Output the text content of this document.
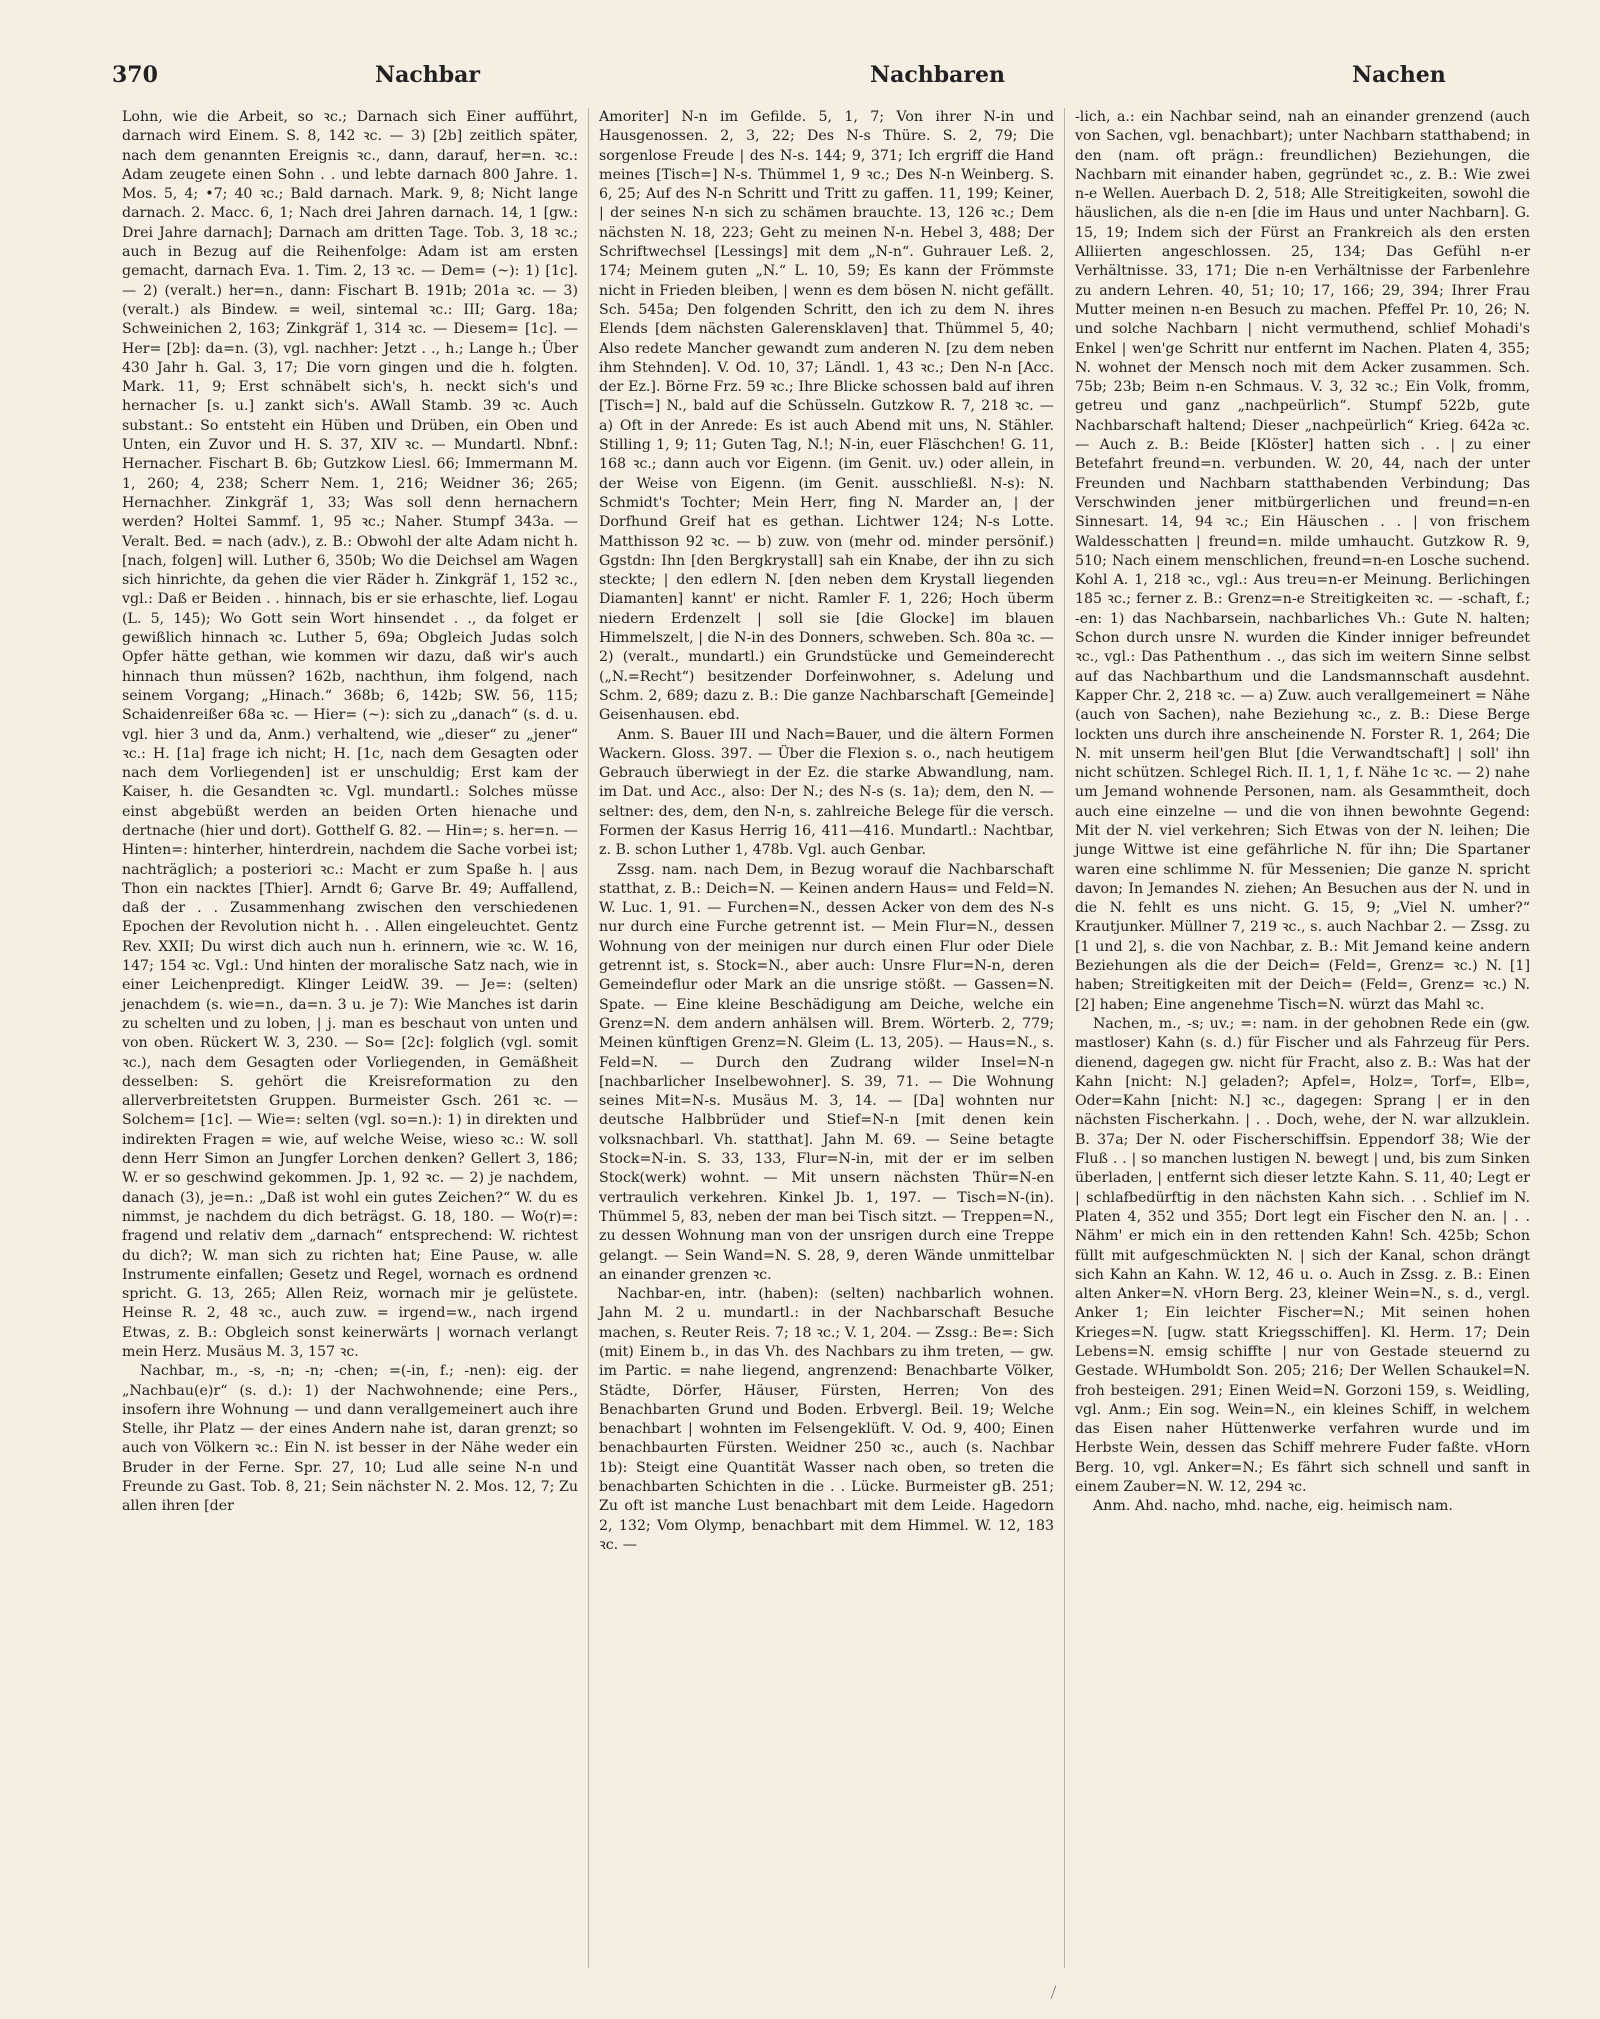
370	Nachbar	Nachbaren	Nachen

Lohn, wie die Arbeit, so ꝛc.; Darnach sich Einer aufführt, darnach wird Einem. S. 8, 142 ꝛc. — 3) [2b] zeitlich später, nach dem genannten Ereignis ꝛc., dann, darauf, her=n. ꝛc.: Adam zeugete einen Sohn . . und lebte darnach 800 Jahre. 1. Mos. 5, 4; •7; 40 ꝛc.; Bald darnach. Mark. 9, 8; Nicht lange darnach. 2. Macc. 6, 1; Nach drei Jahren darnach. 14, 1 [gw.: Drei Jahre darnach]; Darnach am dritten Tage. Tob. 3, 18 ꝛc.; auch in Bezug auf die Reihenfolge: Adam ist am ersten gemacht, darnach Eva. 1. Tim. 2, 13 ꝛc. — Dem= (~): 1) [1c]. — 2) (veralt.) her=n., dann: Fischart B. 191b; 201a ꝛc. — 3) (veralt.) als Bindew. = weil, sintemal ꝛc.: III; Garg. 18a; Schweinichen 2, 163; Zinkgräf 1, 314 ꝛc. — Diesem= [1c]. — Her= [2b]: da=n. (3), vgl. nachher: Jetzt . ., h.; Lange h.; Über 430 Jahr h. Gal. 3, 17; Die vorn gingen und die h. folgten. Mark. 11, 9; Erst schnäbelt sich's, h. neckt sich's und hernacher [s. u.] zankt sich's. AWall Stamb. 39 ꝛc. Auch substant.: So entsteht ein Hüben und Drüben, ein Oben und Unten, ein Zuvor und H. S. 37, XIV ꝛc. — Mundartl. Nbnf.: Hernacher. Fischart B. 6b; Gutzkow Liesl. 66; Immermann M. 1, 260; 4, 238; Scherr Nem. 1, 216; Weidner 36; 265; Hernachher. Zinkgräf 1, 33; Was soll denn hernachern werden? Holtei Sammf. 1, 95 ꝛc.; Naher. Stumpf 343a. — Veralt. Bed. = nach (adv.), z. B.: Obwohl der alte Adam nicht h. [nach, folgen] will. Luther 6, 350b; Wo die Deichsel am Wagen sich hinrichte, da gehen die vier Räder h. Zinkgräf 1, 152 ꝛc., vgl.: Daß er Beiden . . hinnach, bis er sie erhaschte, lief. Logau (L. 5, 145); Wo Gott sein Wort hinsendet . ., da folget er gewißlich hinnach ꝛc. Luther 5, 69a; Obgleich Judas solch Opfer hätte gethan, wie kommen wir dazu, daß wir's auch hinnach thun müssen? 162b, nachthun, ihm folgend, nach seinem Vorgang; „Hinach.“ 368b; 6, 142b; SW. 56, 115; Schaidenreißer 68a ꝛc. — Hier= (~): sich zu „danach“ (s. d. u. vgl. hier 3 und da, Anm.) verhaltend, wie „dieser“ zu „jener“ ꝛc.: H. [1a] frage ich nicht; H. [1c, nach dem Gesagten oder nach dem Vorliegenden] ist er unschuldig; Erst kam der Kaiser, h. die Gesandten ꝛc. Vgl. mundartl.: Solches müsse einst abgebüßt werden an beiden Orten hienache und dertnache (hier und dort). Gotthelf G. 82. — Hin=; s. her=n. — Hinten=: hinterher, hinterdrein, nachdem die Sache vorbei ist; nachträglich; a posteriori ꝛc.: Macht er zum Spaße h. | aus Thon ein nacktes [Thier]. Arndt 6; Garve Br. 49; Auffallend, daß der . . Zusammenhang zwischen den verschiedenen Epochen der Revolution nicht h. . . Allen eingeleuchtet. Gentz Rev. XXII; Du wirst dich auch nun h. erinnern, wie ꝛc. W. 16, 147; 154 ꝛc. Vgl.: Und hinten der moralische Satz nach, wie in einer Leichenpredigt. Klinger LeidW. 39. — Je=: (selten) jenachdem (s. wie=n., da=n. 3 u. je 7): Wie Manches ist darin zu schelten und zu loben, | j. man es beschaut von unten und von oben. Rückert W. 3, 230. — So= [2c]: folglich (vgl. somit ꝛc.), nach dem Gesagten oder Vorliegenden, in Gemäßheit desselben: S. gehört die Kreisreformation zu den allerverbreitetsten Gruppen. Burmeister Gsch. 261 ꝛc. — Solchem= [1c]. — Wie=: selten (vgl. so=n.): 1) in direkten und indirekten Fragen = wie, auf welche Weise, wieso ꝛc.: W. soll denn Herr Simon an Jungfer Lorchen denken? Gellert 3, 186; W. er so geschwind gekommen. Jp. 1, 92 ꝛc. — 2) je nachdem, danach (3), je=n.: „Daß ist wohl ein gutes Zeichen?“ W. du es nimmst, je nachdem du dich beträgst. G. 18, 180. — Wo(r)=: fragend und relativ dem „darnach“ entsprechend: W. richtest du dich?; W. man sich zu richten hat; Eine Pause, w. alle Instrumente einfallen; Gesetz und Regel, wornach es ordnend spricht. G. 13, 265; Allen Reiz, wornach mir je gelüstete. Heinse R. 2, 48 ꝛc., auch zuw. = irgend=w., nach irgend Etwas, z. B.: Obgleich sonst keinerwärts | wornach verlangt mein Herz. Musäus M. 3, 157 ꝛc.

Nachbar, m., -s, -n; -n; -chen; =(-in, f.; -nen): eig. der „Nachbau(e)r“ (s. d.): 1) der Nachwohnende; eine Pers., insofern ihre Wohnung — und dann verallgemeinert auch ihre Stelle, ihr Platz — der eines Andern nahe ist, daran grenzt; so auch von Völkern ꝛc.: Ein N. ist besser in der Nähe weder ein Bruder in der Ferne. Spr. 27, 10; Lud alle seine N-n und Freunde zu Gast. Tob. 8, 21; Sein nächster N. 2. Mos. 12, 7; Zu allen ihren [der

Amoriter] N-n im Gefilde. 5, 1, 7; Von ihrer N-in und Hausgenossen. 2, 3, 22; Des N-s Thüre. S. 2, 79; Die sorgenlose Freude | des N-s. 144; 9, 371; Ich ergriff die Hand meines [Tisch=] N-s. Thümmel 1, 9 ꝛc.; Des N-n Weinberg. S. 6, 25; Auf des N-n Schritt und Tritt zu gaffen. 11, 199; Keiner, | der seines N-n sich zu schämen brauchte. 13, 126 ꝛc.; Dem nächsten N. 18, 223; Geht zu meinen N-n. Hebel 3, 488; Der Schriftwechsel [Lessings] mit dem „N-n“. Guhrauer Leß. 2, 174; Meinem guten „N.“ L. 10, 59; Es kann der Frömmste nicht in Frieden bleiben, | wenn es dem bösen N. nicht gefällt. Sch. 545a; Den folgenden Schritt, den ich zu dem N. ihres Elends [dem nächsten Galerensklaven] that. Thümmel 5, 40; Also redete Mancher gewandt zum anderen N. [zu dem neben ihm Stehnden]. V. Od. 10, 37; Ländl. 1, 43 ꝛc.; Den N-n [Acc. der Ez.]. Börne Frz. 59 ꝛc.; Ihre Blicke schossen bald auf ihren [Tisch=] N., bald auf die Schüsseln. Gutzkow R. 7, 218 ꝛc. — a) Oft in der Anrede: Es ist auch Abend mit uns, N. Stähler. Stilling 1, 9; 11; Guten Tag, N.!; N-in, euer Fläschchen! G. 11, 168 ꝛc.; dann auch vor Eigenn. (im Genit. uv.) oder allein, in der Weise von Eigenn. (im Genit. ausschließl. N-s): N. Schmidt's Tochter; Mein Herr, fing N. Marder an, | der Dorfhund Greif hat es gethan. Lichtwer 124; N-s Lotte. Matthisson 92 ꝛc. — b) zuw. von (mehr od. minder persönif.) Ggstdn: Ihn [den Bergkrystall] sah ein Knabe, der ihn zu sich steckte; | den edlern N. [den neben dem Krystall liegenden Diamanten] kannt' er nicht. Ramler F. 1, 226; Hoch überm niedern Erdenzelt | soll sie [die Glocke] im blauen Himmelszelt, | die N-in des Donners, schweben. Sch. 80a ꝛc. — 2) (veralt., mundartl.) ein Grundstücke und Gemeinderecht („N.=Recht“) besitzender Dorfeinwohner, s. Adelung und Schm. 2, 689; dazu z. B.: Die ganze Nachbarschaft [Gemeinde] Geisenhausen. ebd.

Anm. S. Bauer III und Nach=Bauer, und die ältern Formen Wackern. Gloss. 397. — Über die Flexion s. o., nach heutigem Gebrauch überwiegt in der Ez. die starke Abwandlung, nam. im Dat. und Acc., also: Der N.; des N-s (s. 1a); dem, den N. — seltner: des, dem, den N-n, s. zahlreiche Belege für die versch. Formen der Kasus Herrig 16, 411—416. Mundartl.: Nachtbar, z. B. schon Luther 1, 478b. Vgl. auch Genbar.

Zssg. nam. nach Dem, in Bezug worauf die Nachbarschaft statthat, z. B.: Deich=N. — Keinen andern Haus= und Feld=N. W. Luc. 1, 91. — Furchen=N., dessen Acker von dem des N-s nur durch eine Furche getrennt ist. — Mein Flur=N., dessen Wohnung von der meinigen nur durch einen Flur oder Diele getrennt ist, s. Stock=N., aber auch: Unsre Flur=N-n, deren Gemeindeflur oder Mark an die unsrige stößt. — Gassen=N. Spate. — Eine kleine Beschädigung am Deiche, welche ein Grenz=N. dem andern anhälsen will. Brem. Wörterb. 2, 779; Meinen künftigen Grenz=N. Gleim (L. 13, 205). — Haus=N., s. Feld=N. — Durch den Zudrang wilder Insel=N-n [nachbarlicher Inselbewohner]. S. 39, 71. — Die Wohnung seines Mit=N-s. Musäus M. 3, 14. — [Da] wohnten nur deutsche Halbbrüder und Stief=N-n [mit denen kein volksnachbarl. Vh. statthat]. Jahn M. 69. — Seine betagte Stock=N-in. S. 33, 133, Flur=N-in, mit der er im selben Stock(werk) wohnt. — Mit unsern nächsten Thür=N-en vertraulich verkehren. Kinkel Jb. 1, 197. — Tisch=N-(in). Thümmel 5, 83, neben der man bei Tisch sitzt. — Treppen=N., zu dessen Wohnung man von der unsrigen durch eine Treppe gelangt. — Sein Wand=N. S. 28, 9, deren Wände unmittelbar an einander grenzen ꝛc.

Nachbar-en, intr. (haben): (selten) nachbarlich wohnen. Jahn M. 2 u. mundartl.: in der Nachbarschaft Besuche machen, s. Reuter Reis. 7; 18 ꝛc.; V. 1, 204. — Zssg.: Be=: Sich (mit) Einem b., in das Vh. des Nachbars zu ihm treten, — gw. im Partic. = nahe liegend, angrenzend: Benachbarte Völker, Städte, Dörfer, Häuser, Fürsten, Herren; Von des Benachbarten Grund und Boden. Erbvergl. Beil. 19; Welche benachbart | wohnten im Felsengeklüft. V. Od. 9, 400; Einen benachbaurten Fürsten. Weidner 250 ꝛc., auch (s. Nachbar 1b): Steigt eine Quantität Wasser nach oben, so treten die benachbarten Schichten in die . . Lücke. Burmeister gB. 251; Zu oft ist manche Lust benachbart mit dem Leide. Hagedorn 2, 132; Vom Olymp, benachbart mit dem Himmel. W. 12, 183 ꝛc. —

-lich, a.: ein Nachbar seind, nah an einander grenzend (auch von Sachen, vgl. benachbart); unter Nachbarn statthabend; in den (nam. oft prägn.: freundlichen) Beziehungen, die Nachbarn mit einander haben, gegründet ꝛc., z. B.: Wie zwei n-e Wellen. Auerbach D. 2, 518; Alle Streitigkeiten, sowohl die häuslichen, als die n-en [die im Haus und unter Nachbarn]. G. 15, 19; Indem sich der Fürst an Frankreich als den ersten Alliierten angeschlossen. 25, 134; Das Gefühl n-er Verhältnisse. 33, 171; Die n-en Verhältnisse der Farbenlehre zu andern Lehren. 40, 51; 10; 17, 166; 29, 394; Ihrer Frau Mutter meinen n-en Besuch zu machen. Pfeffel Pr. 10, 26; N. und solche Nachbarn | nicht vermuthend, schlief Mohadi's Enkel | wen'ge Schritt nur entfernt im Nachen. Platen 4, 355; N. wohnet der Mensch noch mit dem Acker zusammen. Sch. 75b; 23b; Beim n-en Schmaus. V. 3, 32 ꝛc.; Ein Volk, fromm, getreu und ganz „nachpeürlich“. Stumpf 522b, gute Nachbarschaft haltend; Dieser „nachpeürlich“ Krieg. 642a ꝛc. — Auch z. B.: Beide [Klöster] hatten sich . . | zu einer Betefahrt freund=n. verbunden. W. 20, 44, nach der unter Freunden und Nachbarn statthabenden Verbindung; Das Verschwinden jener mitbürgerlichen und freund=n-en Sinnesart. 14, 94 ꝛc.; Ein Häuschen . . | von frischem Waldesschatten | freund=n. milde umhaucht. Gutzkow R. 9, 510; Nach einem menschlichen, freund=n-en Losche suchend. Kohl A. 1, 218 ꝛc., vgl.: Aus treu=n-er Meinung. Berlichingen 185 ꝛc.; ferner z. B.: Grenz=n-e Streitigkeiten ꝛc. — -schaft, f.; -en: 1) das Nachbarsein, nachbarliches Vh.: Gute N. halten; Schon durch unsre N. wurden die Kinder inniger befreundet ꝛc., vgl.: Das Pathenthum . ., das sich im weitern Sinne selbst auf das Nachbarthum und die Landsmannschaft ausdehnt. Kapper Chr. 2, 218 ꝛc. — a) Zuw. auch verallgemeinert = Nähe (auch von Sachen), nahe Beziehung ꝛc., z. B.: Diese Berge lockten uns durch ihre anscheinende N. Forster R. 1, 264; Die N. mit unserm heil'gen Blut [die Verwandtschaft] | soll' ihn nicht schützen. Schlegel Rich. II. 1, 1, f. Nähe 1c ꝛc. — 2) nahe um Jemand wohnende Personen, nam. als Gesammtheit, doch auch eine einzelne — und die von ihnen bewohnte Gegend: Mit der N. viel verkehren; Sich Etwas von der N. leihen; Die junge Wittwe ist eine gefährliche N. für ihn; Die Spartaner waren eine schlimme N. für Messenien; Die ganze N. spricht davon; In Jemandes N. ziehen; An Besuchen aus der N. und in die N. fehlt es uns nicht. G. 15, 9; „Viel N. umher?“ Krautjunker. Müllner 7, 219 ꝛc., s. auch Nachbar 2. — Zssg. zu [1 und 2], s. die von Nachbar, z. B.: Mit Jemand keine andern Beziehungen als die der Deich= (Feld=, Grenz= ꝛc.) N. [1] haben; Streitigkeiten mit der Deich= (Feld=, Grenz= ꝛc.) N. [2] haben; Eine angenehme Tisch=N. würzt das Mahl ꝛc.

Nachen, m., -s; uv.; =: nam. in der gehobnen Rede ein (gw. mastloser) Kahn (s. d.) für Fischer und als Fahrzeug für Pers. dienend, dagegen gw. nicht für Fracht, also z. B.: Was hat der Kahn [nicht: N.] geladen?; Apfel=, Holz=, Torf=, Elb=, Oder=Kahn [nicht: N.] ꝛc., dagegen: Sprang | er in den nächsten Fischerkahn. | . . Doch, wehe, der N. war allzuklein. B. 37a; Der N. oder Fischerschiffsin. Eppendorf 38; Wie der Fluß . . | so manchen lustigen N. bewegt | und, bis zum Sinken überladen, | entfernt sich dieser letzte Kahn. S. 11, 40; Legt er | schlafbedürftig in den nächsten Kahn sich. . . Schlief im N. Platen 4, 352 und 355; Dort legt ein Fischer den N. an. | . . Nähm' er mich ein in den rettenden Kahn! Sch. 425b; Schon füllt mit aufgeschmückten N. | sich der Kanal, schon drängt sich Kahn an Kahn. W. 12, 46 u. o. Auch in Zssg. z. B.: Einen alten Anker=N. vHorn Berg. 23, kleiner Wein=N., s. d., vergl. Anker 1; Ein leichter Fischer=N.; Mit seinen hohen Krieges=N. [ugw. statt Kriegsschiffen]. Kl. Herm. 17; Dein Lebens=N. emsig schiffte | nur von Gestade steuernd zu Gestade. WHumboldt Son. 205; 216; Der Wellen Schaukel=N. froh besteigen. 291; Einen Weid=N. Gorzoni 159, s. Weidling, vgl. Anm.; Ein sog. Wein=N., ein kleines Schiff, in welchem das Eisen naher Hüttenwerke verfahren wurde und im Herbste Wein, dessen das Schiff mehrere Fuder faßte. vHorn Berg. 10, vgl. Anker=N.; Es fährt sich schnell und sanft in einem Zauber=N. W. 12, 294 ꝛc.

Anm. Ahd. nacho, mhd. nache, eig. heimisch nam.
